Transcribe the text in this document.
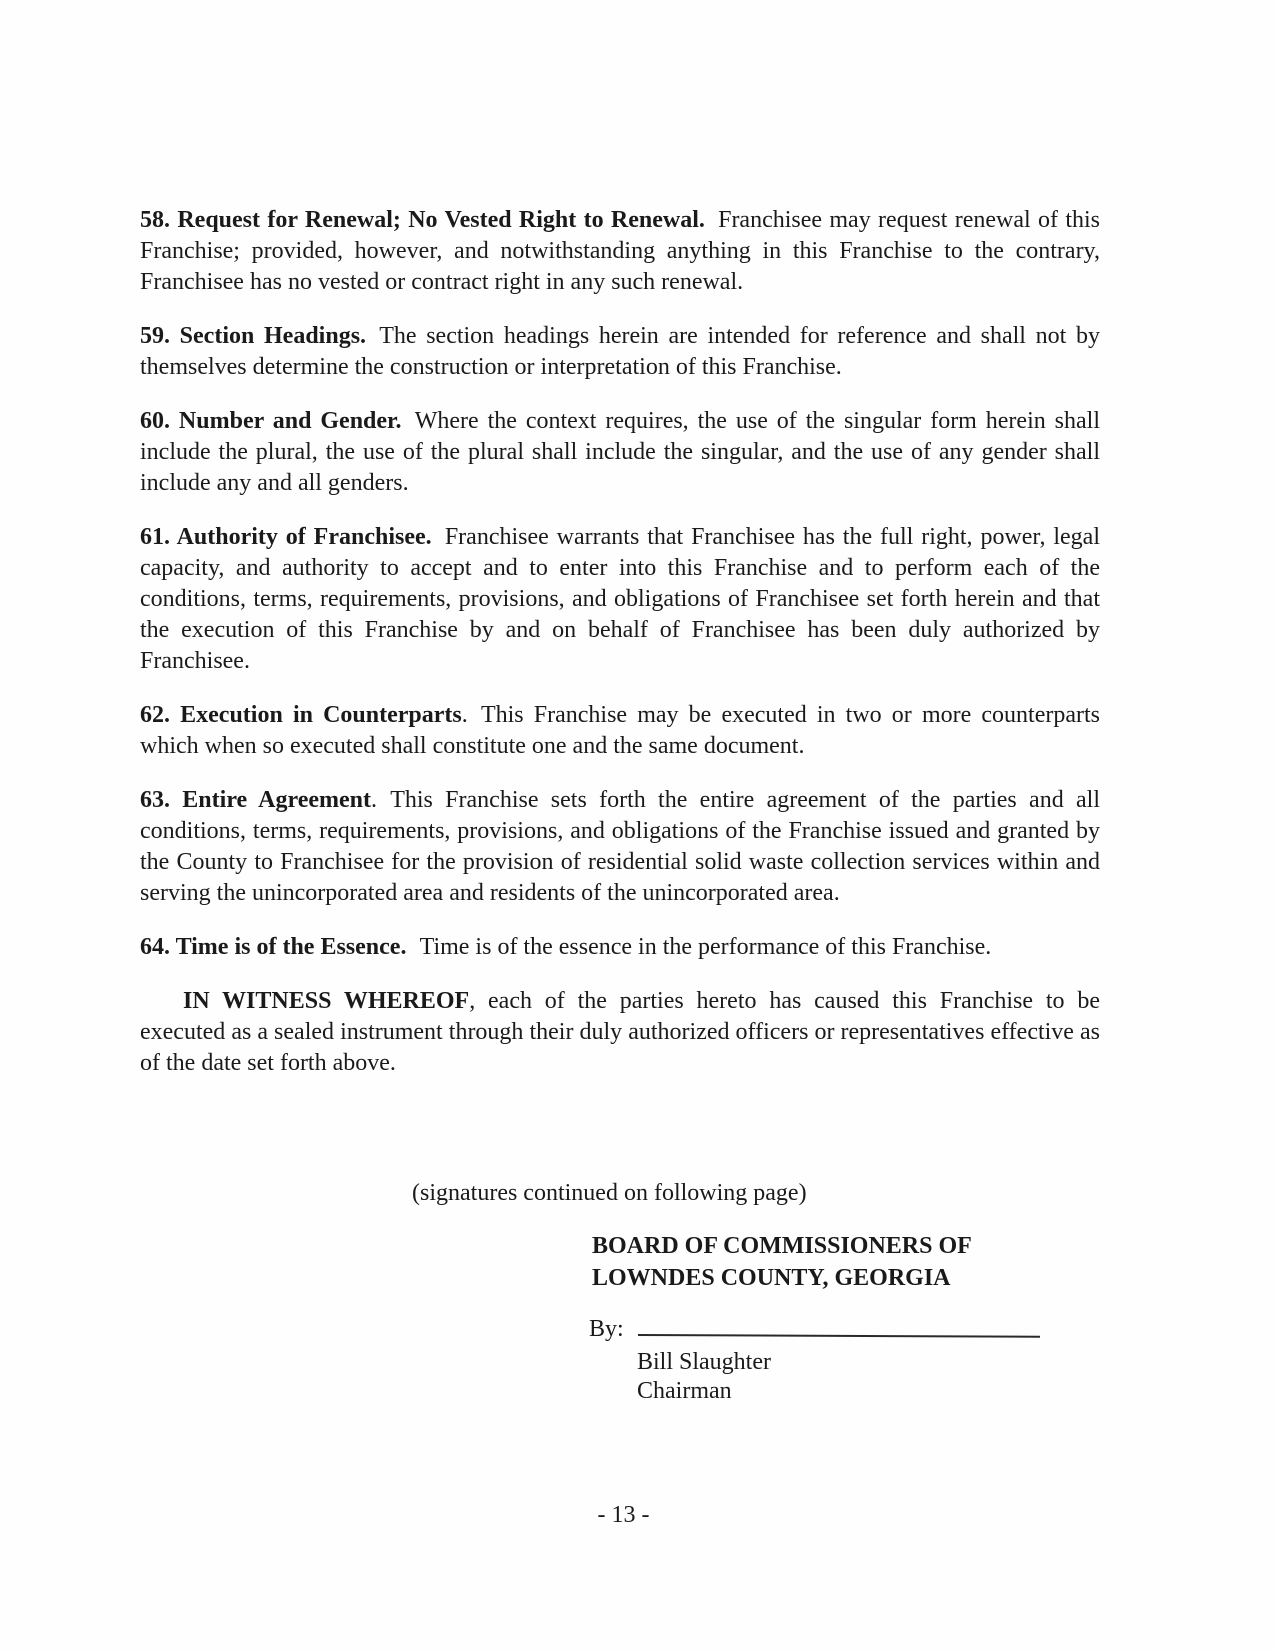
58. Request for Renewal; No Vested Right to Renewal. Franchisee may request renewal of this Franchise; provided, however, and notwithstanding anything in this Franchise to the contrary, Franchisee has no vested or contract right in any such renewal.

59. Section Headings. The section headings herein are intended for reference and shall not by themselves determine the construction or interpretation of this Franchise.

60. Number and Gender. Where the context requires, the use of the singular form herein shall include the plural, the use of the plural shall include the singular, and the use of any gender shall include any and all genders.

61. Authority of Franchisee. Franchisee warrants that Franchisee has the full right, power, legal capacity, and authority to accept and to enter into this Franchise and to perform each of the conditions, terms, requirements, provisions, and obligations of Franchisee set forth herein and that the execution of this Franchise by and on behalf of Franchisee has been duly authorized by Franchisee.

62. Execution in Counterparts. This Franchise may be executed in two or more counterparts which when so executed shall constitute one and the same document.

63. Entire Agreement. This Franchise sets forth the entire agreement of the parties and all conditions, terms, requirements, provisions, and obligations of the Franchise issued and granted by the County to Franchisee for the provision of residential solid waste collection services within and serving the unincorporated area and residents of the unincorporated area.

64. Time is of the Essence. Time is of the essence in the performance of this Franchise.

IN WITNESS WHEREOF, each of the parties hereto has caused this Franchise to be executed as a sealed instrument through their duly authorized officers or representatives effective as of the date set forth above.

(signatures continued on following page)
BOARD OF COMMISSIONERS OF
LOWNDES COUNTY, GEORGIA
By:
Bill Slaughter
Chairman
- 13 -
